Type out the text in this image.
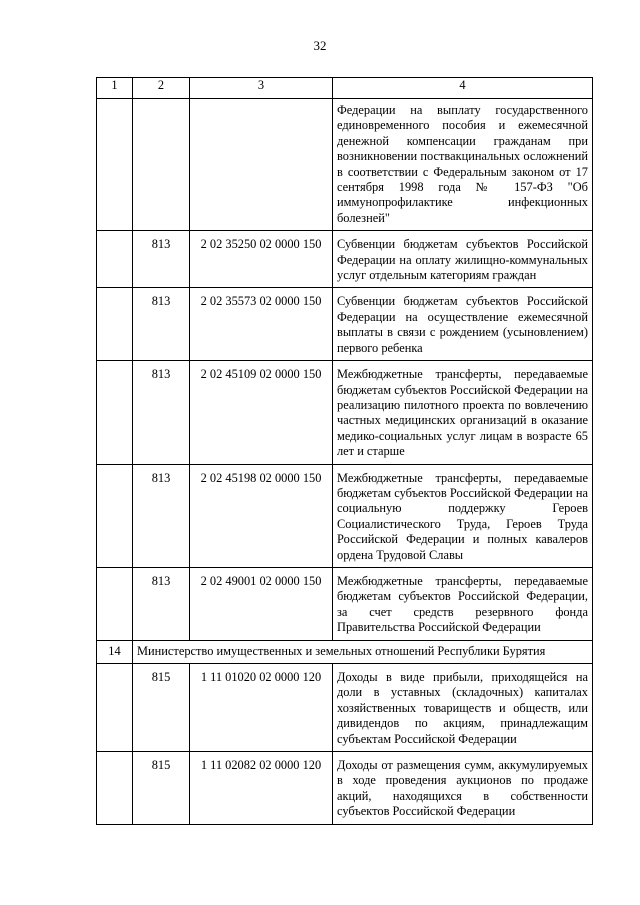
32
1	2	3	4
			Федерации на выплату государственного единовременного пособия и ежемесячной денежной компенсации гражданам при возникновении поствакцинальных осложнений в соответствии с Федеральным законом от 17 сентября 1998 года № 157-ФЗ "Об иммунопрофилактике инфекционных болезней"
	813	2 02 35250 02 0000 150	Субвенции бюджетам субъектов Российской Федерации на оплату жилищно-коммунальных услуг отдельным категориям граждан
	813	2 02 35573 02 0000 150	Субвенции бюджетам субъектов Российской Федерации на осуществление ежемесячной выплаты в связи с рождением (усыновлением) первого ребенка
	813	2 02 45109 02 0000 150	Межбюджетные трансферты, передаваемые бюджетам субъектов Российской Федерации на реализацию пилотного проекта по вовлечению частных медицинских организаций в оказание медико-социальных услуг лицам в возрасте 65 лет и старше
	813	2 02 45198 02 0000 150	Межбюджетные трансферты, передаваемые бюджетам субъектов Российской Федерации на социальную поддержку Героев Социалистического Труда, Героев Труда Российской Федерации и полных кавалеров ордена Трудовой Славы
	813	2 02 49001 02 0000 150	Межбюджетные трансферты, передаваемые бюджетам субъектов Российской Федерации, за счет средств резервного фонда Правительства Российской Федерации
14	Министерство имущественных и земельных отношений Республики Бурятия		
	815	1 11 01020 02 0000 120	Доходы в виде прибыли, приходящейся на доли в уставных (складочных) капиталах хозяйственных товариществ и обществ, или дивидендов по акциям, принадлежащим субъектам Российской Федерации
	815	1 11 02082 02 0000 120	Доходы от размещения сумм, аккумулируемых в ходе проведения аукционов по продаже акций, находящихся в собственности субъектов Российской Федерации
